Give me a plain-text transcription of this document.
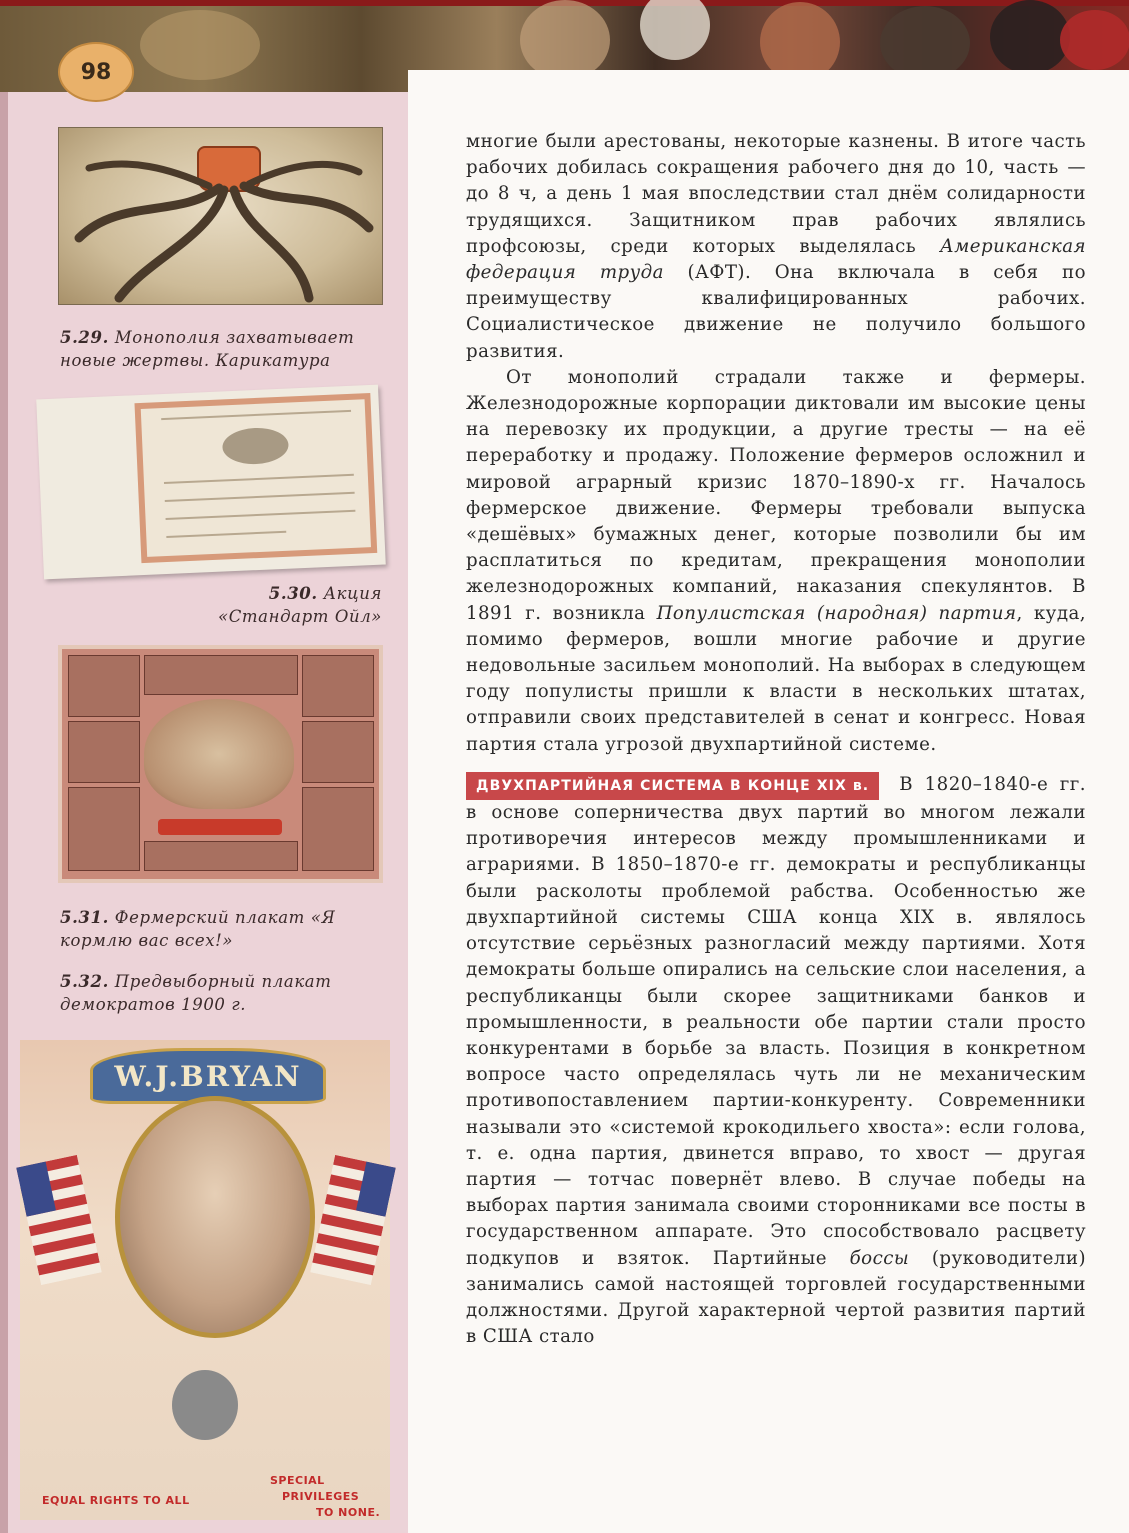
98
5.29. Монополия захватывает новые жертвы. Карикатура
5.30. Акция
«Стандарт Ойл»
5.31. Фермерский плакат «Я кормлю вас всех!»
5.32. Предвыборный плакат демократов 1900 г.
W.J.BRYAN
EQUAL RIGHTS TO ALL
SPECIAL
PRIVILEGES
TO NONE.

многие были арестованы, некоторые казнены. В итоге часть рабочих добилась сокращения рабочего дня до 10, часть — до 8 ч, а день 1 мая впоследствии стал днём солидарности трудящихся. Защитником прав рабочих являлись профсоюзы, среди которых выделялась Американская федерация труда (АФТ). Она включала в себя по преимуществу квалифицированных рабочих. Социалистическое движение не получило большого развития.

От монополий страдали также и фермеры. Железнодорожные корпорации диктовали им высокие цены на перевозку их продукции, а другие тресты — на её переработку и продажу. Положение фермеров осложнил и мировой аграрный кризис 1870–1890-х гг. Началось фермерское движение. Фермеры требовали выпуска «дешёвых» бумажных денег, которые позволили бы им расплатиться по кредитам, прекращения монополии железнодорожных компаний, наказания спекулянтов. В 1891 г. возникла Популистская (народная) партия, куда, помимо фермеров, вошли многие рабочие и другие недовольные засильем монополий. На выборах в следующем году популисты пришли к власти в нескольких штатах, отправили своих представителей в сенат и конгресс. Новая партия стала угрозой двухпартийной системе.

ДВУХПАРТИЙНАЯ СИСТЕМА В КОНЦЕ XIX в. В 1820–1840-е гг. в основе соперничества двух партий во многом лежали противоречия интересов между промышленниками и аграриями. В 1850–1870-е гг. демократы и республиканцы были расколоты проблемой рабства. Особенностью же двухпартийной системы США конца XIX в. являлось отсутствие серьёзных разногласий между партиями. Хотя демократы больше опирались на сельские слои населения, а республиканцы были скорее защитниками банков и промышленности, в реальности обе партии стали просто конкурентами в борьбе за власть. Позиция в конкретном вопросе часто определялась чуть ли не механическим противопоставлением партии-конкуренту. Современники называли это «системой крокодильего хвоста»: если голова, т. е. одна партия, двинется вправо, то хвост — другая партия — тотчас повернёт влево. В случае победы на выборах партия занимала своими сторонниками все посты в государственном аппарате. Это способствовало расцвету подкупов и взяток. Партийные боссы (руководители) занимались самой настоящей торговлей государственными должностями. Другой характерной чертой развития партий в США стало
